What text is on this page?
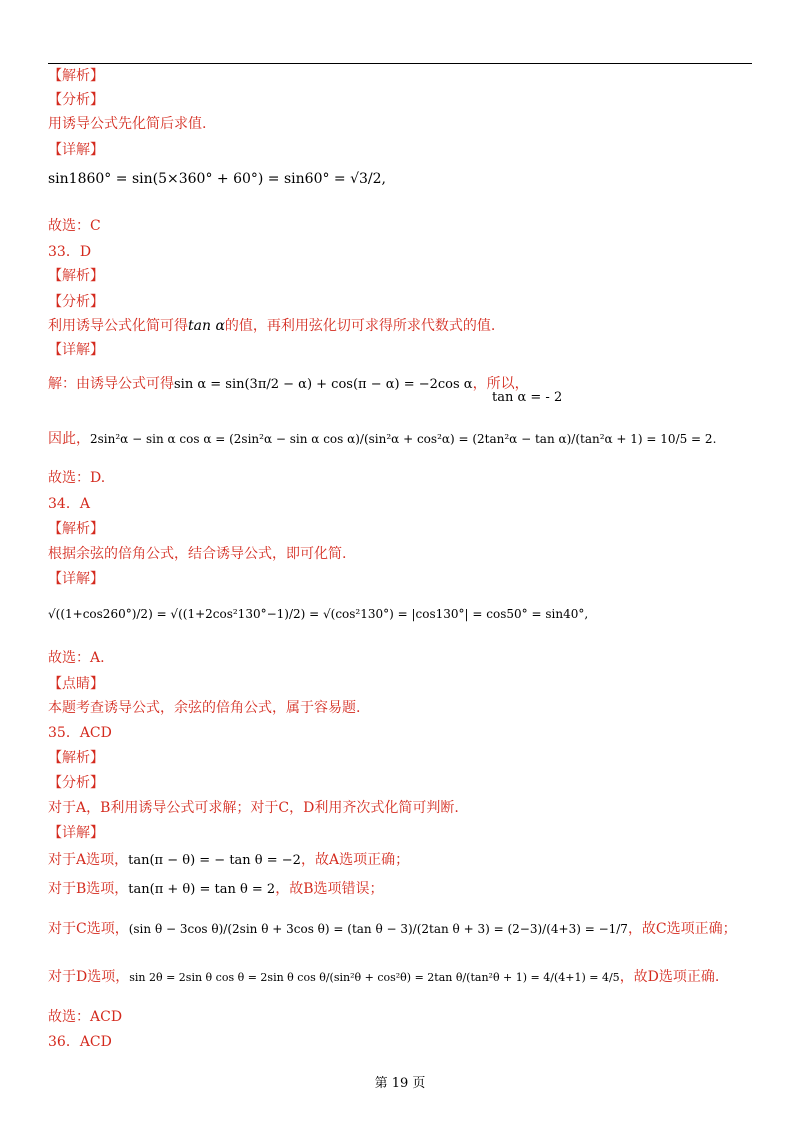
【解析】
【分析】
用诱导公式先化简后求值.
【详解】
sin1860° = sin(5×360° + 60°) = sin60° = √3/2,
故选：C
33．D
【解析】
【分析】
利用诱导公式化简可得tan α的值，再利用弦化切可求得所求代数式的值.
【详解】
解：由诱导公式可得sin α = sin(3π/2 − α) + cos(π − α) = −2cos α，所以，
tan α = - 2
因此，2sin²α − sin α cos α = (2sin²α − sin α cos α)/(sin²α + cos²α) = (2tan²α − tan α)/(tan²α + 1) = 10/5 = 2.
故选：D.
34．A
【解析】
根据余弦的倍角公式，结合诱导公式，即可化简.
【详解】
√((1+cos260°)/2) = √((1+2cos²130°−1)/2) = √(cos²130°) = |cos130°| = cos50° = sin40°,
故选：A.
【点睛】
本题考查诱导公式，余弦的倍角公式，属于容易题.
35．ACD
【解析】
【分析】
对于A，B利用诱导公式可求解；对于C，D利用齐次式化简可判断.
【详解】
对于A选项，tan(π − θ) = − tan θ = −2，故A选项正确；
对于B选项，tan(π + θ) = tan θ = 2，故B选项错误；
对于C选项，(sin θ − 3cos θ)/(2sin θ + 3cos θ) = (tan θ − 3)/(2tan θ + 3) = (2−3)/(4+3) = −1/7，故C选项正确；
对于D选项，sin 2θ = 2sin θ cos θ = 2sin θ cos θ/(sin²θ + cos²θ) = 2tan θ/(tan²θ + 1) = 4/(4+1) = 4/5，故D选项正确.
故选：ACD
36．ACD
第 19 页
